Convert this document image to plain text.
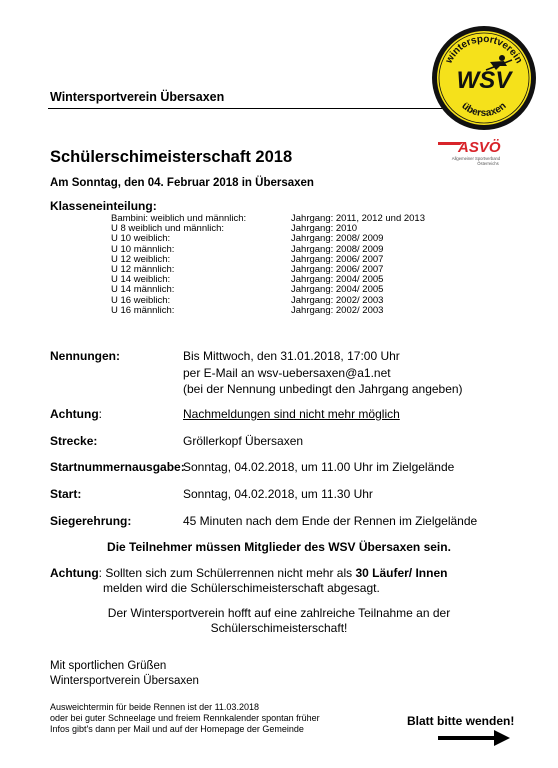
Wintersportverein Übersaxen
wintersportverein
WSV
übersaxen
ASVÖ
Allgemeiner Sportverband
Österreichs
Schülerschimeisterschaft 2018
Am Sonntag, den 04. Februar 2018 in Übersaxen
Klasseneinteilung:
Bambini: weiblich und männlich:	Jahrgang: 2011, 2012 und 2013
U 8 weiblich und männlich:	Jahrgang: 2010
U 10 weiblich:	Jahrgang: 2008/ 2009
U 10 männlich:	Jahrgang: 2008/ 2009
U 12 weiblich:	Jahrgang: 2006/ 2007
U 12 männlich:	Jahrgang: 2006/ 2007
U 14 weiblich:	Jahrgang: 2004/ 2005
U 14 männlich:	Jahrgang: 2004/ 2005
U 16 weiblich:	Jahrgang: 2002/ 2003
U 16 männlich:	Jahrgang: 2002/ 2003
Nennungen:	Bis Mittwoch, den 31.01.2018, 17:00 Uhr
per E-Mail an wsv-uebersaxen@a1.net
(bei der Nennung unbedingt den Jahrgang angeben)
Achtung:	Nachmeldungen sind nicht mehr möglich
Strecke:	Gröllerkopf Übersaxen
Startnummernausgabe:
Sonntag, 04.02.2018, um 11.00 Uhr im Zielgelände
Start:	Sonntag, 04.02.2018, um 11.30 Uhr
Siegerehrung:	45 Minuten nach dem Ende der Rennen im Zielgelände
Die Teilnehmer müssen Mitglieder des WSV Übersaxen sein.
Achtung: Sollten sich zum Schülerrennen nicht mehr als 30 Läufer/ Innen
melden wird die Schülerschimeisterschaft abgesagt.
Der Wintersportverein hofft auf eine zahlreiche Teilnahme an der
Schülerschimeisterschaft!
Mit sportlichen Grüßen
Wintersportverein Übersaxen
Ausweichtermin für beide Rennen ist der 11.03.2018
oder bei guter Schneelage und freiem Rennkalender spontan früher
Infos gibt's dann per Mail und auf der Homepage der Gemeinde
Blatt bitte wenden!
